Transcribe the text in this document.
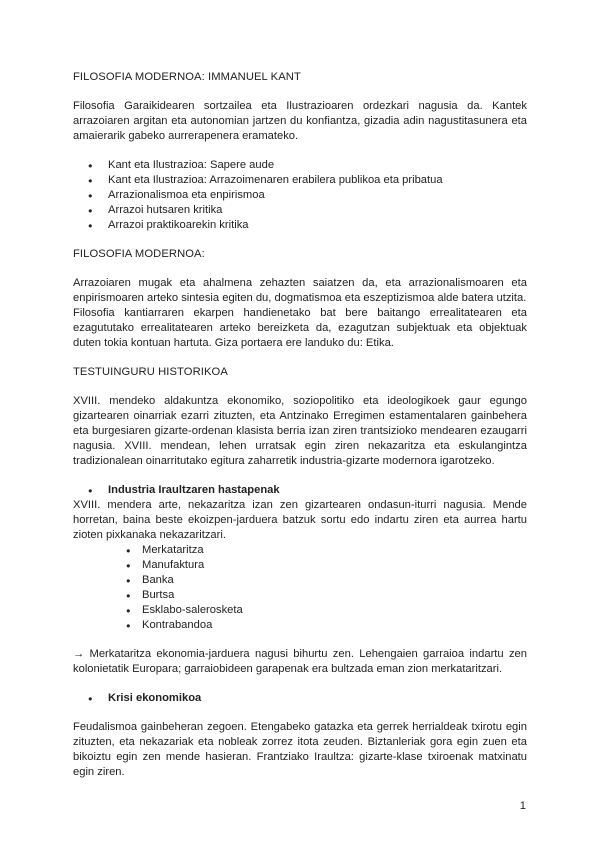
FILOSOFIA MODERNOA: IMMANUEL KANT

Filosofia Garaikidearen sortzailea eta Ilustrazioaren ordezkari nagusia da. Kantek arrazoiaren argitan eta autonomian jartzen du konfiantza, gizadia adin nagustitasunera eta amaierarik gabeko aurrerapenera eramateko.

● Kant eta Ilustrazioa: Sapere aude
● Kant eta Ilustrazioa: Arrazoimenaren erabilera publikoa eta pribatua
● Arrazionalismoa eta enpirismoa
● Arrazoi hutsaren kritika
● Arrazoi praktikoarekin kritika
FILOSOFIA MODERNOA:

Arrazoiaren mugak eta ahalmena zehazten saiatzen da, eta arrazionalismoaren eta enpirismoaren arteko sintesia egiten du, dogmatismoa eta eszeptizismoa alde batera utzita.

Filosofia kantiarraren ekarpen handienetako bat bere baitango errealitatearen eta ezagututako errealitatearen arteko bereizketa da, ezagutzan subjektuak eta objektuak duten tokia kontuan hartuta. Giza portaera ere landuko du: Etika.

TESTUINGURU HISTORIKOA

XVIII. mendeko aldakuntza ekonomiko, soziopolitiko eta ideologikoek gaur egungo gizartearen oinarriak ezarri zituzten, eta Antzinako Erregimen estamentalaren gainbehera eta burgesiaren gizarte-ordenan klasista berria izan ziren trantsizioko mendearen ezaugarri nagusia. XVIII. mendean, lehen urratsak egin ziren nekazaritza eta eskulangintza tradizionalean oinarritutako egitura zaharretik industria-gizarte modernora igarotzeko.

● Industria Iraultzaren hastapenak

XVIII. mendera arte, nekazaritza izan zen gizartearen ondasun-iturri nagusia. Mende horretan, baina beste ekoizpen-jarduera batzuk sortu edo indartu ziren eta aurrea hartu zioten pixkanaka nekazaritzari.

● Merkataritza
● Manufaktura
● Banka
● Burtsa
● Esklabo-salerosketa
● Kontrabandoa

→ Merkataritza ekonomia-jarduera nagusi bihurtu zen. Lehengaien garraioa indartu zen kolonietatik Europara; garraiobideen garapenak era bultzada eman zion merkataritzari.

● Krisi ekonomikoa

Feudalismoa gainbeheran zegoen. Etengabeko gatazka eta gerrek herrialdeak txirotu egin zituzten, eta nekazariak eta nobleak zorrez itota zeuden. Biztanleriak gora egin zuen eta bikoiztu egin zen mende hasieran. Frantziako Iraultza: gizarte-klase txiroenak matxinatu egin ziren.

1
